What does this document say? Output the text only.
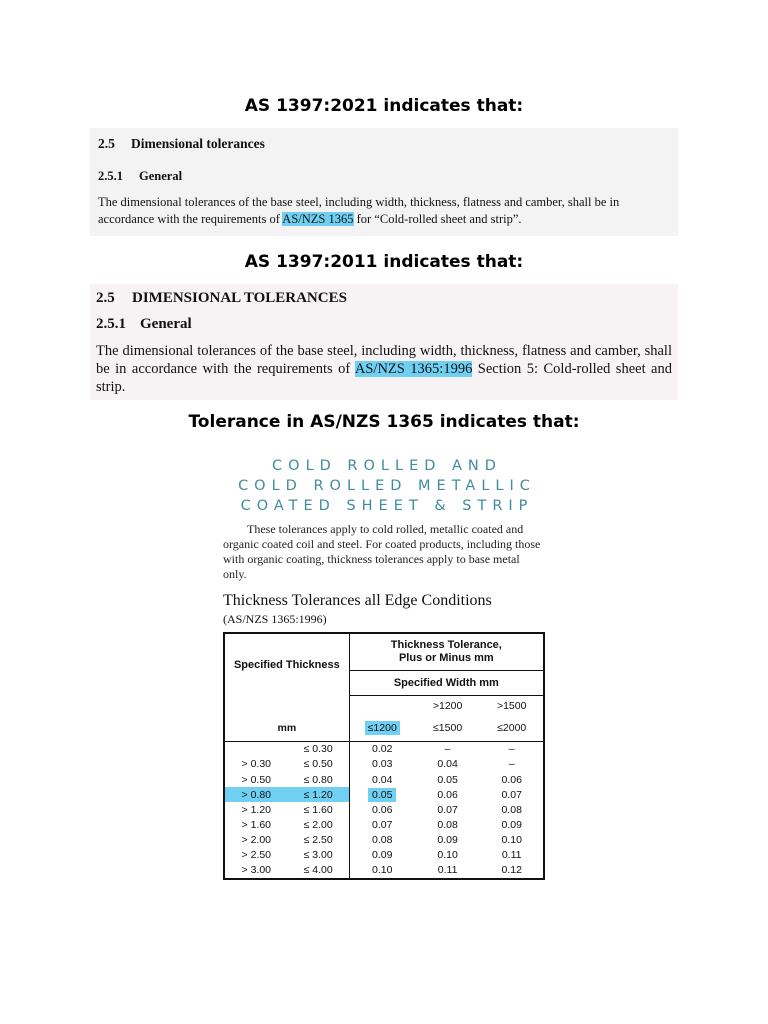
AS 1397:2021 indicates that:
2.5 Dimensional tolerances
2.5.1 General
The dimensional tolerances of the base steel, including width, thickness, flatness and camber, shall be in accordance with the requirements of AS/NZS 1365 for “Cold-rolled sheet and strip”.
AS 1397:2011 indicates that:
2.5 DIMENSIONAL TOLERANCES
2.5.1 General
The dimensional tolerances of the base steel, including width, thickness, flatness and camber, shall be in accordance with the requirements of AS/NZS 1365:1996 Section 5: Cold-rolled sheet and strip.
Tolerance in AS/NZS 1365 indicates that:
COLD ROLLED AND
COLD ROLLED METALLIC
COATED SHEET & STRIP
These tolerances apply to cold rolled, metallic coated and organic coated coil and steel. For coated products, including those with organic coating, thickness tolerances apply to base metal only.
Thickness Tolerances all Edge Conditions
(AS/NZS 1365:1996)
Specified Thickness		Thickness Tolerance,
Plus or Minus mm		

		Specified Width mm		
			>1200	>1500
mm		≤1200	≤1500	≤2000
	≤ 0.30	0.02	–	–
> 0.30	≤ 0.50	0.03	0.04	–
> 0.50	≤ 0.80	0.04	0.05	0.06
> 0.80	≤ 1.20	0.05	0.06	0.07
> 1.20	≤ 1.60	0.06	0.07	0.08
> 1.60	≤ 2.00	0.07	0.08	0.09
> 2.00	≤ 2.50	0.08	0.09	0.10
> 2.50	≤ 3.00	0.09	0.10	0.11
> 3.00	≤ 4.00	0.10	0.11	0.12
